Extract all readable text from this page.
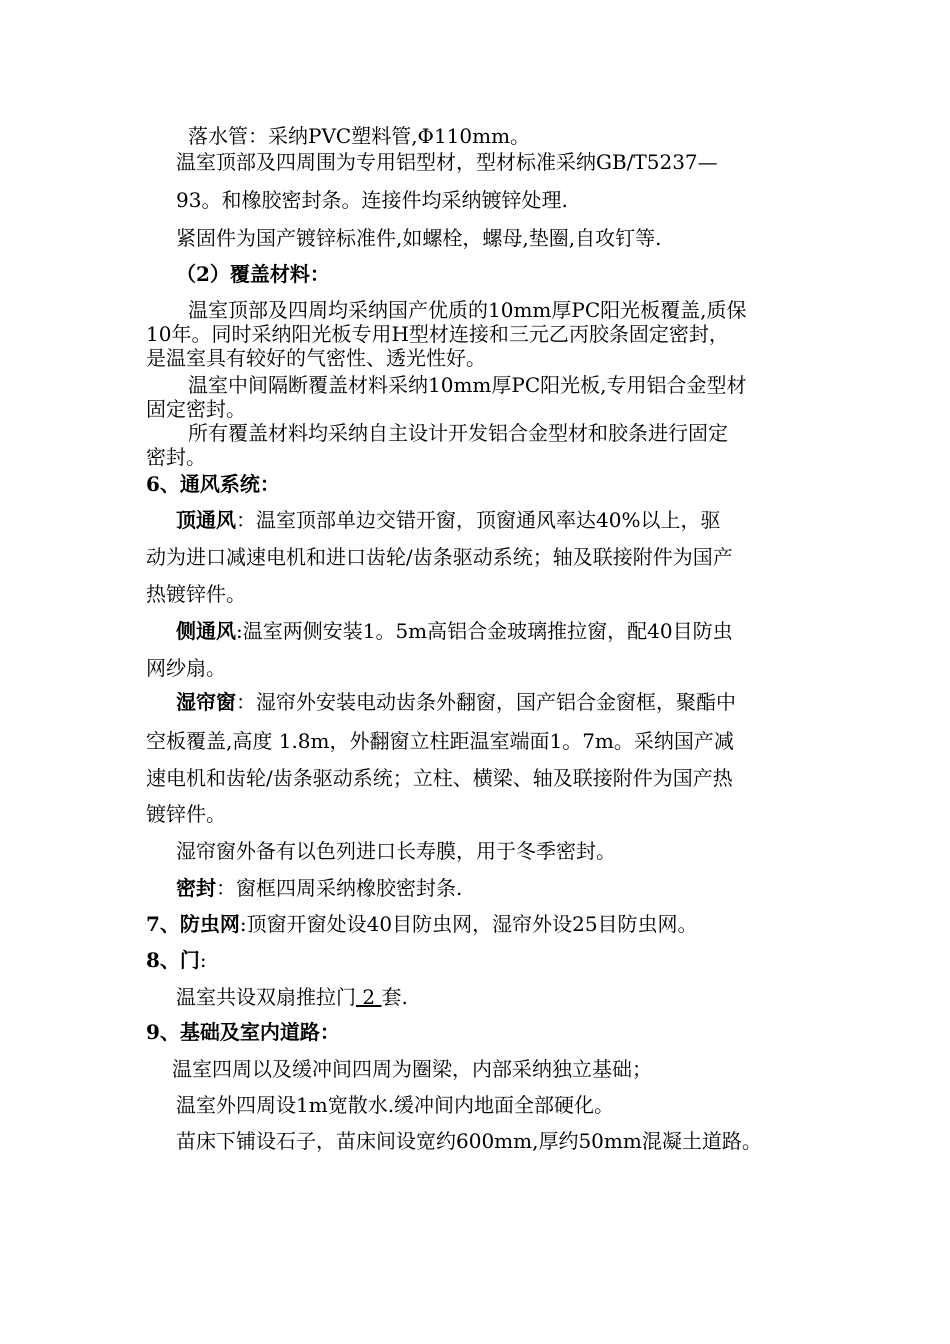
落水管：采纳PVC塑料管,Φ110mm。
温室顶部及四周围为专用铝型材，型材标准采纳GB/T5237—
93。和橡胶密封条。连接件均采纳镀锌处理.
紧固件为国产镀锌标准件,如螺栓，螺母,垫圈,自攻钉等.
（2）覆盖材料：
温室顶部及四周均采纳国产优质的10mm厚PC阳光板覆盖,质保
10年。同时采纳阳光板专用H型材连接和三元乙丙胶条固定密封，
是温室具有较好的气密性、透光性好。
温室中间隔断覆盖材料采纳10mm厚PC阳光板,专用铝合金型材
固定密封。
所有覆盖材料均采纳自主设计开发铝合金型材和胶条进行固定
密封。
6、通风系统：
顶通风：温室顶部单边交错开窗，顶窗通风率达40%以上，驱
动为进口减速电机和进口齿轮/齿条驱动系统；轴及联接附件为国产
热镀锌件。
侧通风:温室两侧安装1。5m高铝合金玻璃推拉窗，配40目防虫
网纱扇。
湿帘窗：湿帘外安装电动齿条外翻窗，国产铝合金窗框，聚酯中
空板覆盖,高度 1.8m，外翻窗立柱距温室端面1。7m。采纳国产减
速电机和齿轮/齿条驱动系统；立柱、横梁、轴及联接附件为国产热
镀锌件。
湿帘窗外备有以色列进口长寿膜，用于冬季密封。
密封：窗框四周采纳橡胶密封条.
7、防虫网:顶窗开窗处设40目防虫网，湿帘外设25目防虫网。
8、门:
温室共设双扇推拉门 2 套.
9、基础及室内道路：
温室四周以及缓冲间四周为圈梁，内部采纳独立基础；
温室外四周设1m宽散水.缓冲间内地面全部硬化。
苗床下铺设石子，苗床间设宽约600mm,厚约50mm混凝土道路。
